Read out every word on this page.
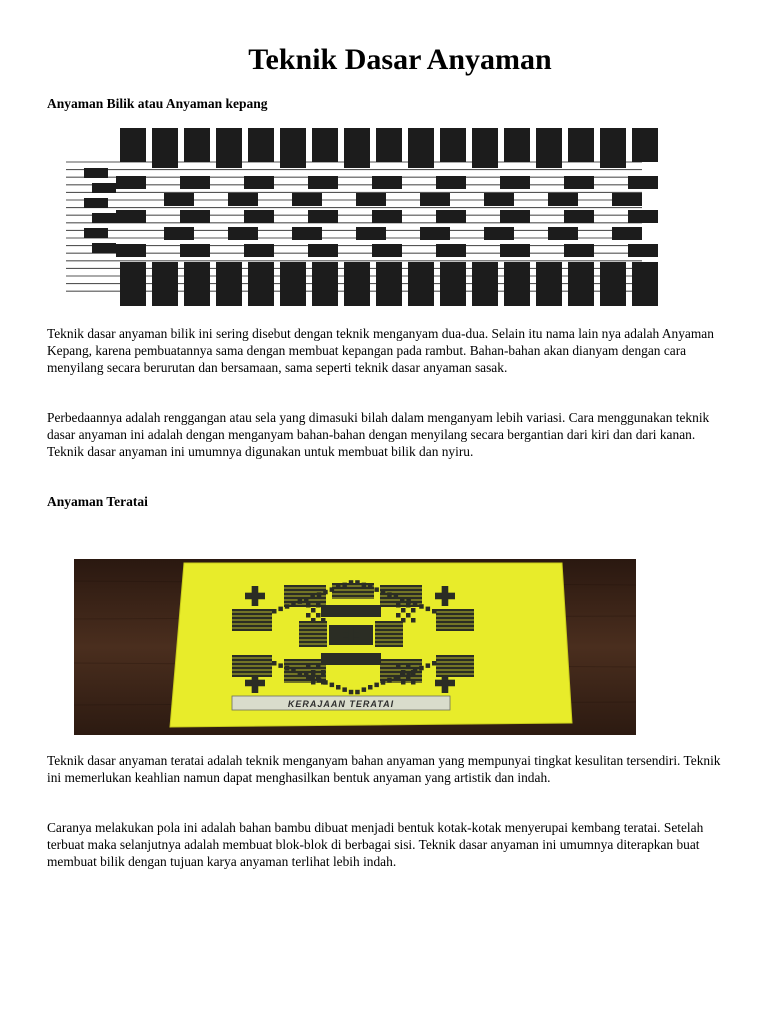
Teknik Dasar Anyaman
Anyaman Bilik atau Anyaman kepang

Teknik dasar anyaman bilik ini sering disebut dengan teknik menganyam dua-dua. Selain itu nama lain nya adalah Anyaman Kepang, karena pembuatannya sama dengan membuat kepangan pada rambut. Bahan-bahan akan dianyam dengan cara menyilang secara berurutan dan bersamaan, sama seperti teknik dasar anyaman sasak.

Perbedaannya adalah renggangan atau sela yang dimasuki bilah dalam menganyam lebih variasi. Cara menggunakan teknik dasar anyaman ini adalah dengan menganyam bahan-bahan dengan menyilang secara bergantian dari kiri dan dari kanan. Teknik dasar anyaman ini umumnya digunakan untuk membuat bilik dan nyiru.

Anyaman Teratai
KERAJAAN TERATAI

Teknik dasar anyaman teratai adalah teknik menganyam bahan anyaman yang mempunyai tingkat kesulitan tersendiri. Teknik ini memerlukan keahlian namun dapat menghasilkan bentuk anyaman yang artistik dan indah.

Caranya melakukan pola ini adalah bahan bambu dibuat menjadi bentuk kotak-kotak menyerupai kembang teratai. Setelah terbuat maka selanjutnya adalah membuat blok-blok di berbagai sisi. Teknik dasar anyaman ini umumnya diterapkan buat membuat bilik dengan tujuan karya anyaman terlihat lebih indah.
